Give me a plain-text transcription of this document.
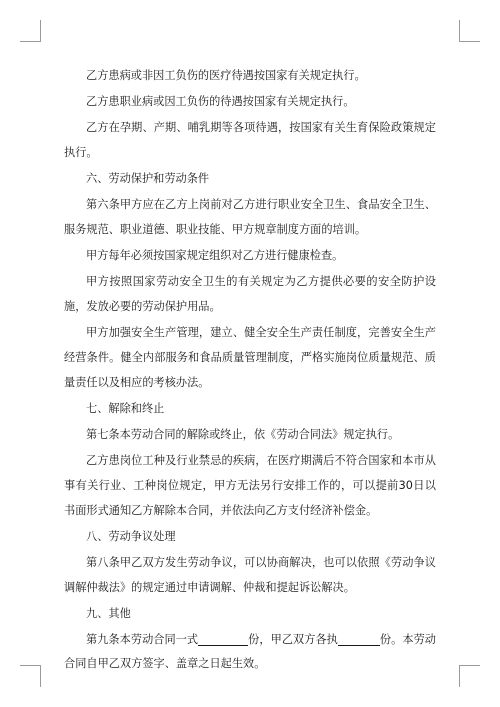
乙方患病或非因工负伤的医疗待遇按国家有关规定执行。

乙方患职业病或因工负伤的待遇按国家有关规定执行。

乙方在孕期、产期、哺乳期等各项待遇，按国家有关生育保险政策规定执行。

六、劳动保护和劳动条件

第六条甲方应在乙方上岗前对乙方进行职业安全卫生、食品安全卫生、服务规范、职业道德、职业技能、甲方规章制度方面的培训。

甲方每年必须按国家规定组织对乙方进行健康检查。

甲方按照国家劳动安全卫生的有关规定为乙方提供必要的安全防护设施，发放必要的劳动保护用品。

甲方加强安全生产管理，建立、健全安全生产责任制度，完善安全生产经营条件。健全内部服务和食品质量管理制度，严格实施岗位质量规范、质量责任以及相应的考核办法。

七、解除和终止

第七条本劳动合同的解除或终止，依《劳动合同法》规定执行。

乙方患岗位工种及行业禁忌的疾病，在医疗期满后不符合国家和本市从事有关行业、工种岗位规定，甲方无法另行安排工作的，可以提前30日以书面形式通知乙方解除本合同，并依法向乙方支付经济补偿金。

八、劳动争议处理

第八条甲乙双方发生劳动争议，可以协商解决，也可以依照《劳动争议调解仲裁法》的规定通过申请调解、仲裁和提起诉讼解决。

九、其他

第九条本劳动合同一式	份，甲乙双方各执	份。本劳动合同自甲乙双方签字、盖章之日起生效。
